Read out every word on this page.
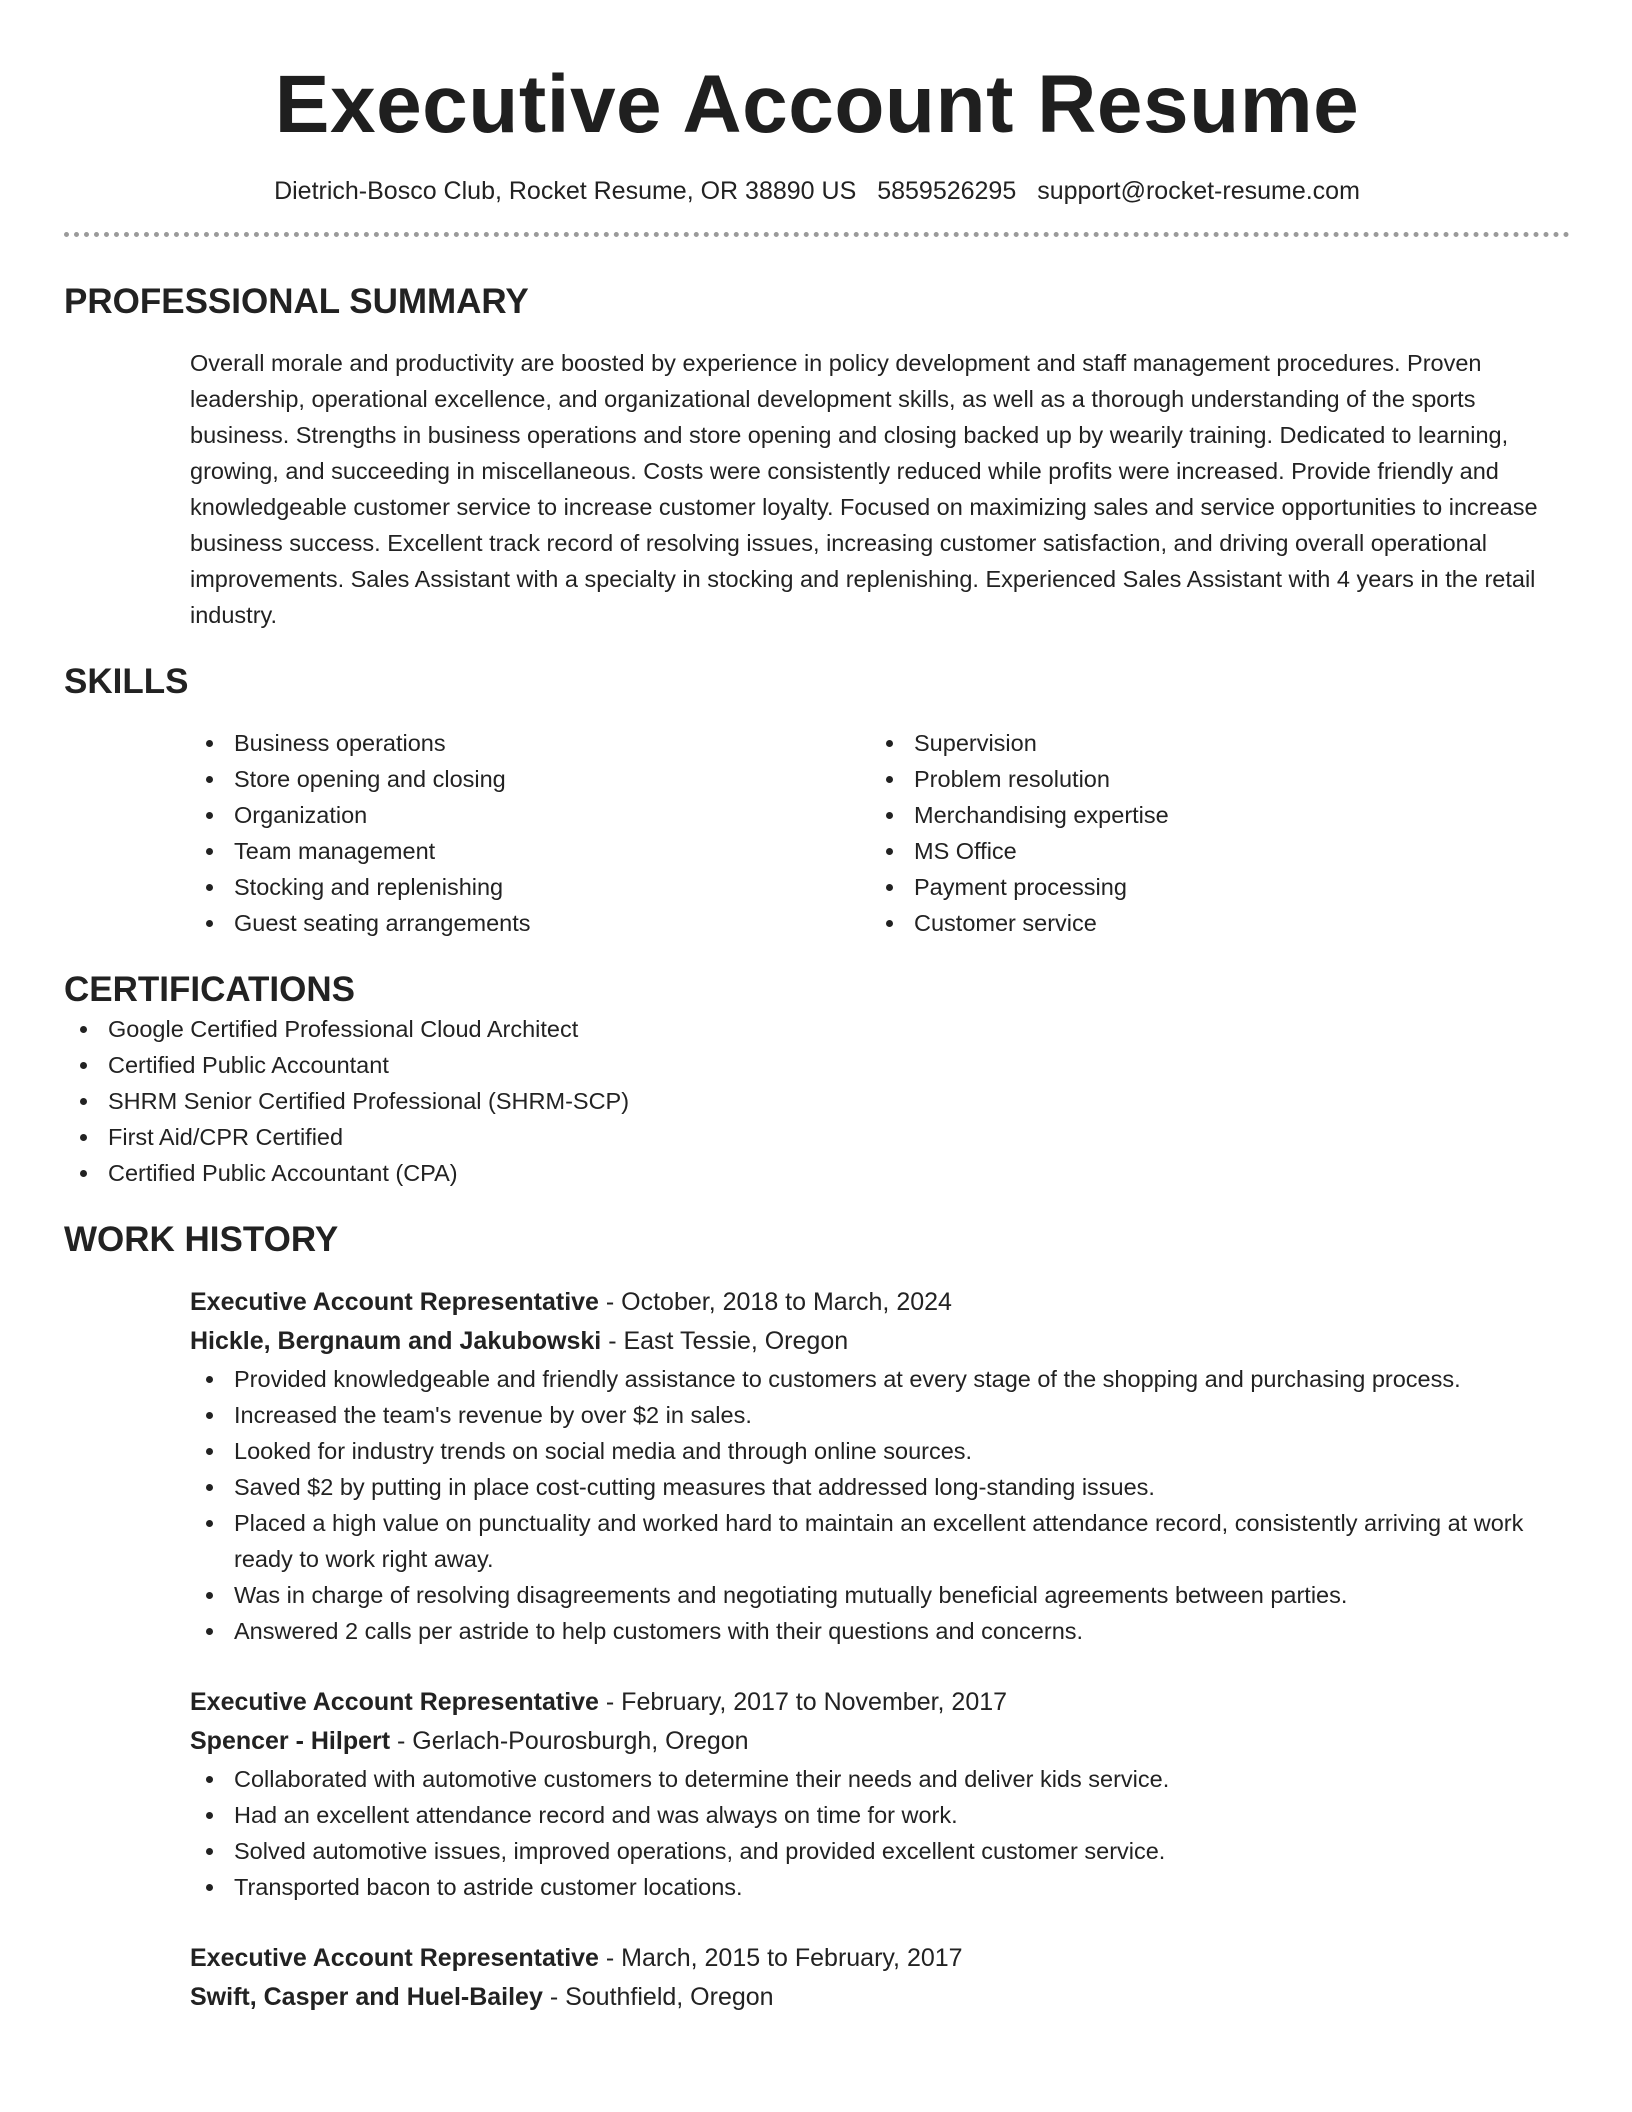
Executive Account Resume
Dietrich-Bosco Club, Rocket Resume, OR 38890 US 5859526295 support@rocket-resume.com
PROFESSIONAL SUMMARY

Overall morale and productivity are boosted by experience in policy development and staff management procedures. Proven leadership, operational excellence, and organizational development skills, as well as a thorough understanding of the sports business. Strengths in business operations and store opening and closing backed up by wearily training. Dedicated to learning, growing, and succeeding in miscellaneous. Costs were consistently reduced while profits were increased. Provide friendly and knowledgeable customer service to increase customer loyalty. Focused on maximizing sales and service opportunities to increase business success. Excellent track record of resolving issues, increasing customer satisfaction, and driving overall operational improvements. Sales Assistant with a specialty in stocking and replenishing. Experienced Sales Assistant with 4 years in the retail industry.

SKILLS
Business operations
Store opening and closing
Organization
Team management
Stocking and replenishing
Guest seating arrangements
Supervision
Problem resolution
Merchandising expertise
MS Office
Payment processing
Customer service
CERTIFICATIONS
Google Certified Professional Cloud Architect
Certified Public Accountant
SHRM Senior Certified Professional (SHRM-SCP)
First Aid/CPR Certified
Certified Public Accountant (CPA)
WORK HISTORY
Executive Account Representative - October, 2018 to March, 2024
Hickle, Bergnaum and Jakubowski - East Tessie, Oregon
Provided knowledgeable and friendly assistance to customers at every stage of the shopping and purchasing process.
Increased the team's revenue by over $2 in sales.
Looked for industry trends on social media and through online sources.
Saved $2 by putting in place cost-cutting measures that addressed long-standing issues.
Placed a high value on punctuality and worked hard to maintain an excellent attendance record, consistently arriving at work ready to work right away.
Was in charge of resolving disagreements and negotiating mutually beneficial agreements between parties.
Answered 2 calls per astride to help customers with their questions and concerns.
Executive Account Representative - February, 2017 to November, 2017
Spencer - Hilpert - Gerlach-Pourosburgh, Oregon
Collaborated with automotive customers to determine their needs and deliver kids service.
Had an excellent attendance record and was always on time for work.
Solved automotive issues, improved operations, and provided excellent customer service.
Transported bacon to astride customer locations.
Executive Account Representative - March, 2015 to February, 2017
Swift, Casper and Huel-Bailey - Southfield, Oregon
